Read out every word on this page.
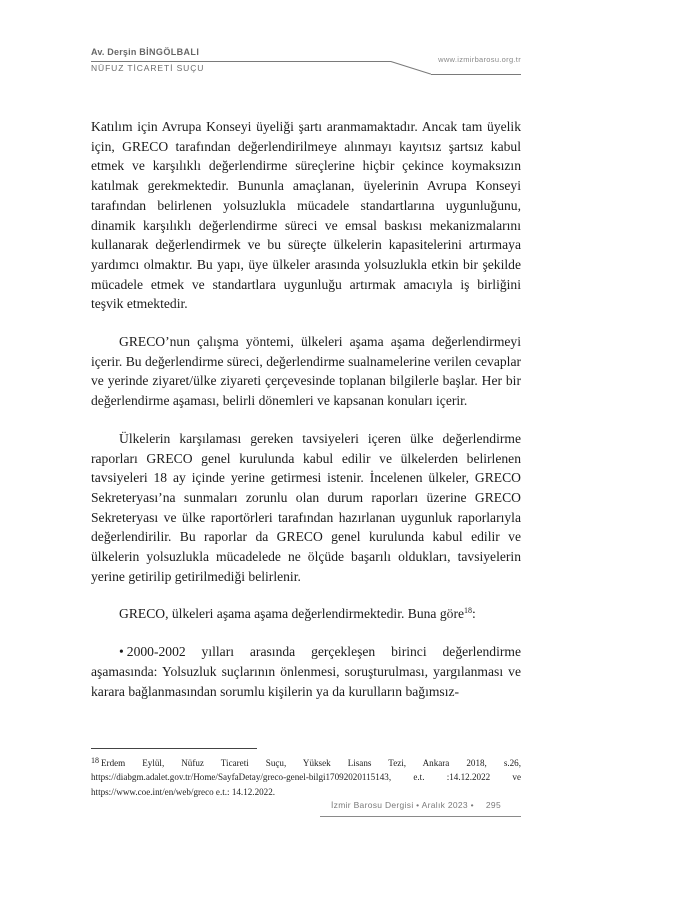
Av. Derşin BİNGÖLBALI
NÜFUZ TİCARETİ SUÇU
www.izmirbarosu.org.tr

Katılım için Avrupa Konseyi üyeliği şartı aranmamaktadır. Ancak tam üyelik için, GRECO tarafından değerlendirilmeye alınmayı kayıtsız şartsız kabul etmek ve karşılıklı değerlendirme süreçlerine hiçbir çekince koymaksızın katılmak gerekmektedir. Bununla amaçlanan, üyelerinin Avrupa Konseyi tarafından belirlenen yolsuzlukla mücadele standartlarına uygunluğunu, dinamik karşılıklı değerlendirme süreci ve emsal baskısı mekanizmalarını kullanarak değerlendirmek ve bu süreçte ülkelerin kapasitelerini artırmaya yardımcı olmaktır. Bu yapı, üye ülkeler arasında yolsuzlukla etkin bir şekilde mücadele etmek ve standartlara uygunluğu artırmak amacıyla iş birliğini teşvik etmektedir.

GRECO’nun çalışma yöntemi, ülkeleri aşama aşama değerlendirmeyi içerir. Bu değerlendirme süreci, değerlendirme sualnamelerine verilen cevaplar ve yerinde ziyaret/ülke ziyareti çerçevesinde toplanan bilgilerle başlar. Her bir değerlendirme aşaması, belirli dönemleri ve kapsanan konuları içerir.

Ülkelerin karşılaması gereken tavsiyeleri içeren ülke değerlendirme raporları GRECO genel kurulunda kabul edilir ve ülkelerden belirlenen tavsiyeleri 18 ay içinde yerine getirmesi istenir. İncelenen ülkeler, GRECO Sekreteryası’na sunmaları zorunlu olan durum raporları üzerine GRECO Sekreteryası ve ülke raportörleri tarafından hazırlanan uygunluk raporlarıyla değerlendirilir. Bu raporlar da GRECO genel kurulunda kabul edilir ve ülkelerin yolsuzlukla mücadelede ne ölçüde başarılı oldukları, tavsiyelerin yerine getirilip getirilmediği belirlenir.

GRECO, ülkeleri aşama aşama değerlendirmektedir. Buna göre$^{18}$:

• 2000-2002 yılları arasında gerçekleşen birinci değerlendirme aşamasında: Yolsuzluk suçlarının önlenmesi, soruşturulması, yargılanması ve karara bağlanmasından sorumlu kişilerin ya da kurulların bağımsız-

18 Erdem Eylül, Nüfuz Ticareti Suçu, Yüksek Lisans Tezi, Ankara 2018, s.26, https://diabgm.adalet.gov.tr/Home/SayfaDetay/greco-genel-bilgi17092020115143, e.t. :14.12.2022 ve https://www.coe.int/en/web/greco e.t.: 14.12.2022.
İzmir Barosu Dergisi • Aralık 2023 • 295
